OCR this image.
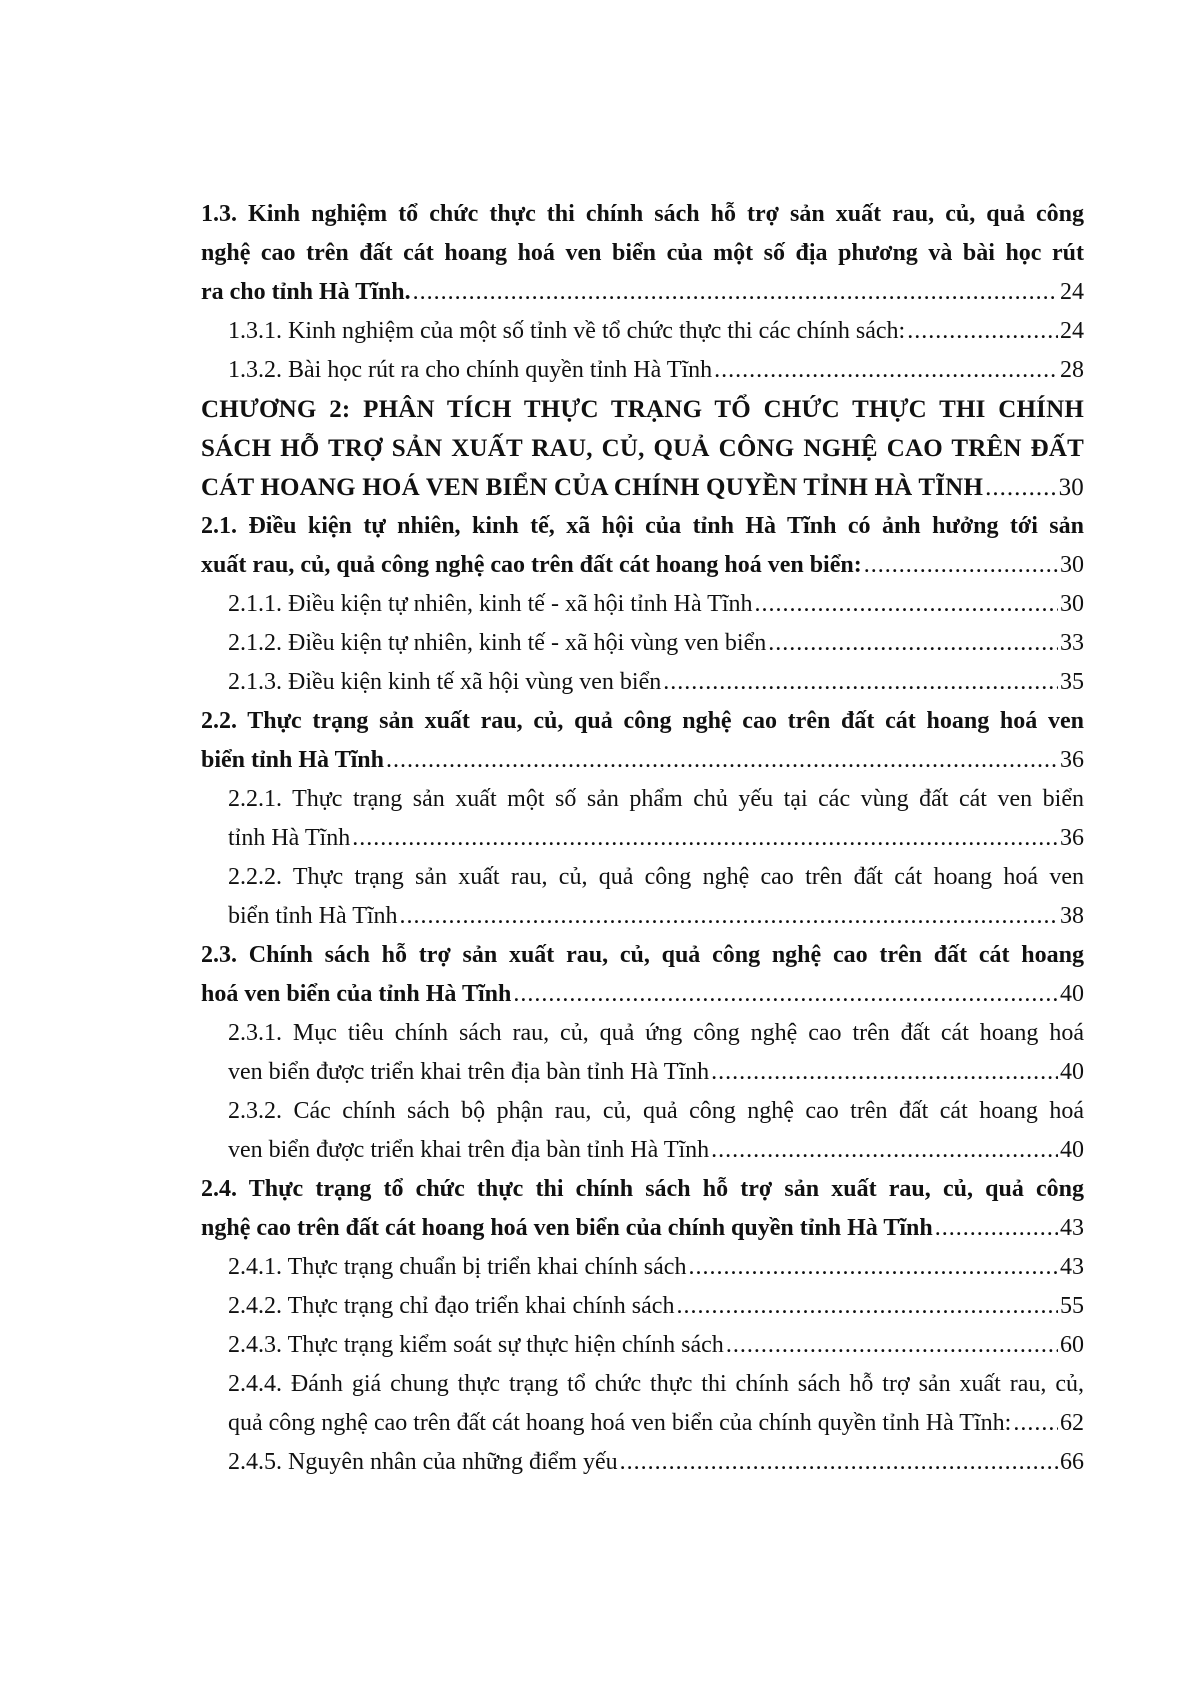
1.3. Kinh nghiệm tổ chức thực thi chính sách hỗ trợ sản xuất rau, củ, quả công
nghệ cao trên đất cát hoang hoá ven biển của một số địa phương và bài học rút
ra cho tỉnh Hà Tĩnh. .....	24
1.3.1. Kinh nghiệm của một số tỉnh về tổ chức thực thi các chính sách: .....	24
1.3.2. Bài học rút ra cho chính quyền tỉnh Hà Tĩnh .....	28
CHƯƠNG 2: PHÂN TÍCH THỰC TRẠNG TỔ CHỨC THỰC THI CHÍNH
SÁCH HỖ TRỢ SẢN XUẤT RAU, CỦ, QUẢ CÔNG NGHỆ CAO TRÊN ĐẤT
CÁT HOANG HOÁ VEN BIỂN CỦA CHÍNH QUYỀN TỈNH HÀ TĨNH .....	30
2.1. Điều kiện tự nhiên, kinh tế, xã hội của tỉnh Hà Tĩnh có ảnh hưởng tới sản
xuất rau, củ, quả công nghệ cao trên đất cát hoang hoá ven biển: .....	30
2.1.1. Điều kiện tự nhiên, kinh tế - xã hội tỉnh Hà Tĩnh .....	30
2.1.2. Điều kiện tự nhiên, kinh tế - xã hội vùng ven biển .....	33
2.1.3. Điều kiện kinh tế xã hội vùng ven biển .....	35
2.2. Thực trạng sản xuất rau, củ, quả công nghệ cao trên đất cát hoang hoá ven
biển tỉnh Hà Tĩnh .....	36
2.2.1. Thực trạng sản xuất một số sản phẩm chủ yếu tại các vùng đất cát ven biển
tỉnh Hà Tĩnh .....	36
2.2.2. Thực trạng sản xuất rau, củ, quả công nghệ cao trên đất cát hoang hoá ven
biển tỉnh Hà Tĩnh .....	38
2.3. Chính sách hỗ trợ sản xuất rau, củ, quả công nghệ cao trên đất cát hoang
hoá ven biển của tỉnh Hà Tĩnh .....	40
2.3.1. Mục tiêu chính sách rau, củ, quả ứng công nghệ cao trên đất cát hoang hoá
ven biển được triển khai trên địa bàn tỉnh Hà Tĩnh .....	40
2.3.2. Các chính sách bộ phận rau, củ, quả công nghệ cao trên đất cát hoang hoá
ven biển được triển khai trên địa bàn tỉnh Hà Tĩnh .....	40
2.4. Thực trạng tổ chức thực thi chính sách hỗ trợ sản xuất rau, củ, quả công
nghệ cao trên đất cát hoang hoá ven biển của chính quyền tỉnh Hà Tĩnh .....	43
2.4.1. Thực trạng chuẩn bị triển khai chính sách .....	43
2.4.2. Thực trạng chỉ đạo triển khai chính sách .....	55
2.4.3. Thực trạng kiểm soát sự thực hiện chính sách .....	60
2.4.4. Đánh giá chung thực trạng tổ chức thực thi chính sách hỗ trợ sản xuất rau, củ,
quả công nghệ cao trên đất cát hoang hoá ven biển của chính quyền tỉnh Hà Tĩnh: ..... 62
2.4.5. Nguyên nhân của những điểm yếu .....	66
